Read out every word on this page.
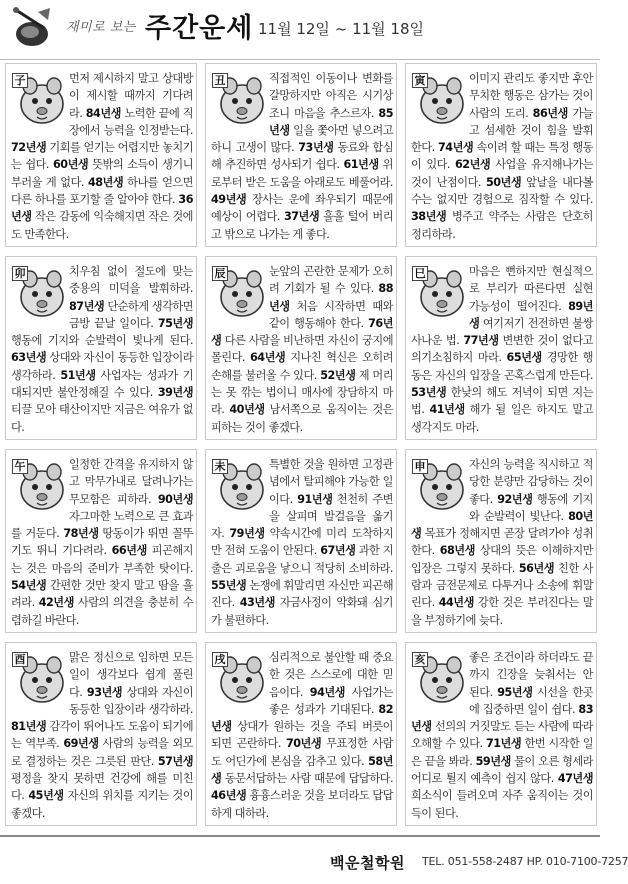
재미로 보는 주간운세 11월 12일 ~ 11월 18일
먼저 제시하지 말고 상대방이 제시할 때까지 기다려라. 84년생 노력한 끝에 직장에서 능력을 인정받는다. 72년생 기회를 얻기는 어렵지만 놓치기는 쉽다. 60년생 뜻밖의 소득이 생기니 부러울 게 없다. 48년생 하나를 얻으면 다른 하나를 포기할 줄 알아야 한다. 36년생 작은 감동에 익숙해지면 작은 것에도 만족한다.
子	직접적인 이동이나 변화를 갈망하지만 아직은 시기상조니 마음을 추스르자. 85년생 일을 쫓아먼 넣으려고 하니 고생이 많다. 73년생 동료와 합심해 추진하면 성사되기 쉽다. 61년생 위로부터 받은 도움을 아래로도 베풀어라. 49년생 장사는 운에 좌우되기 때문에 예상이 어렵다. 37년생 흘흘 털어 버리고 밖으로 나가는 게 좋다.
丑	이미지 관리도 좋지만 후안무치한 행동은 삼가는 것이 사람의 도리. 86년생 가늘고 섬세한 것이 힘을 발휘한다. 74년생 속이려 할 때는 특정 행동이 있다. 62년생 사업을 유지해나가는 것이 난점이다. 50년생 앞날을 내다볼 수는 없지만 경험으로 짐작할 수 있다. 38년생 병주고 약주는 사람은 단호히 정리하라.
寅
치우침 없이 절도에 맞는 중용의 미덕을 발휘하라. 87년생 단순하게 생각하면 금방 끝날 일이다. 75년생 행동에 기지와 순발력이 빛나게 된다. 63년생 상대와 자신이 동등한 입장이라 생각하라. 51년생 사업자는 성과가 기대되지만 불안정해질 수 있다. 39년생 티끌 모아 태산이지만 지금은 여유가 없다.
卯	눈앞의 곤란한 문제가 오히려 기회가 될 수 있다. 88년생 처음 시작하면 때와 같이 행동해야 한다. 76년생 다른 사람을 비난하면 자신이 궁지에 몰린다. 64년생 지나친 혁신은 오히려 손해를 불러올 수 있다. 52년생 제 머리는 못 깎는 법이니 매사에 장담하지 마라. 40년생 남서쪽으로 움직이는 것은 피하는 것이 좋겠다.
辰	마음은 뻔하지만 현실적으로 부리가 따른다면 실현 가능성이 떨어진다. 89년생 여기저기 전전하면 불쌍사나운 법. 77년생 변변한 것이 없다고 의기소침하지 마라. 65년생 경망한 행동은 자신의 입장을 곤혹스럽게 만든다. 53년생 한낮의 해도 저녁이 되면 지는 법. 41년생 해가 될 일은 하지도 말고 생각지도 마라.
巳
일정한 간격을 유지하지 않고 막무가내로 달려나가는 무모함은 피하라. 90년생 자그마한 노력으로 큰 효과를 거둔다. 78년생 땅동이가 뛰면 꼴뚜기도 뛰니 기다려라. 66년생 피곤해지는 것은 마음의 준비가 부족한 탓이다. 54년생 간편한 것만 찾지 말고 땀을 흘려라. 42년생 사람의 의견을 충분히 수렴하길 바란다.
午	특별한 것을 원하면 고정관념에서 탈피해야 가능한 일이다. 91년생 천천히 주변을 살피며 발걸음을 옮기자. 79년생 약속시간에 미리 도착하지만 전혀 도움이 안된다. 67년생 과한 지출은 괴로움을 낳으니 적당히 소비하라. 55년생 논쟁에 휘말리면 자신만 피곤해진다. 43년생 자금사정이 악화돼 심기가 불편하다.
未	자신의 능력을 직시하고 적당한 분량만 감당하는 것이 좋다. 92년생 행동에 기지와 순발력이 빛난다. 80년생 목표가 정해지면 곧장 달려가야 성취한다. 68년생 상대의 뜻은 이해하지만 입장은 그렇지 못하다. 56년생 친한 사람과 금전문제로 다투거나 소송에 휘말린다. 44년생 강한 것은 부러진다는 말을 부정하기에 늦다.
申
맑은 정신으로 임하면 모든 일이 생각보다 쉽게 풀린다. 93년생 상대와 자신이 동등한 입장이라 생각하라. 81년생 감각이 뛰어나도 도움이 되기에는 역부족. 69년생 사람의 능력을 외모로 결정하는 것은 그릇된 판단. 57년생 평정을 찾지 못하면 건강에 해를 미친다. 45년생 자신의 위치를 지키는 것이 좋겠다.
酉	심리적으로 불안할 때 중요한 것은 스스로에 대한 믿음이다. 94년생 사업가는 좋은 성과가 기대된다. 82년생 상대가 원하는 것을 주되 버릇이 되면 곤란하다. 70년생 무표정한 사람도 어딘가에 본심을 감추고 있다. 58년생 동문서답하는 사람 때문에 답답하다. 46년생 흉흉스러운 것을 보더라도 답답하게 대하라.
戌	좋은 조건이라 하더라도 끝까지 긴장을 늦춰서는 안 된다. 95년생 시선을 한곳에 집중하면 일이 쉽다. 83년생 선의의 거짓말도 듣는 사람에 따라 오해할 수 있다. 71년생 한번 시작한 일은 끝을 봐라. 59년생 물이 오른 형세라 어디로 튈지 예측이 쉽지 않다. 47년생 희소식이 들려오며 자주 움직이는 것이 득이 된다.
亥
백운철학원 TEL. 051-558-2487 HP. 010-7100-7257
